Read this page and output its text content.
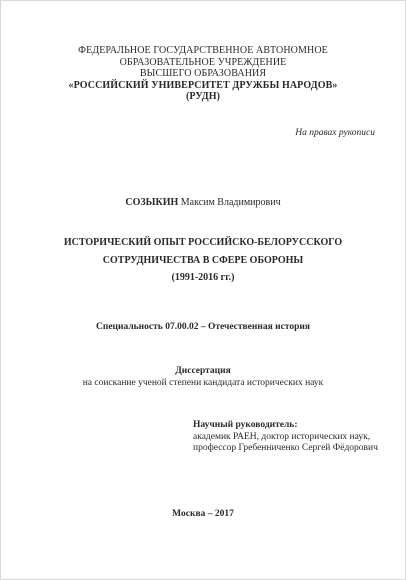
ФЕДЕРАЛЬНОЕ ГОСУДАРСТВЕННОЕ АВТОНОМНОЕ
ОБРАЗОВАТЕЛЬНОЕ УЧРЕЖДЕНИЕ
ВЫСШЕГО ОБРАЗОВАНИЯ
«РОССИЙСКИЙ УНИВЕРСИТЕТ ДРУЖБЫ НАРОДОВ»
(РУДН)
На правах рукописи
СОЗЫКИН Максим Владимирович
ИСТОРИЧЕСКИЙ ОПЫТ РОССИЙСКО-БЕЛОРУССКОГО
СОТРУДНИЧЕСТВА В СФЕРЕ ОБОРОНЫ
(1991-2016 гг.)
Специальность 07.00.02 – Отечественная история
Диссертация
на соискание ученой степени кандидата исторических наук
Научный руководитель:
академик РАЕН, доктор исторических наук,
профессор Гребенниченко Сергей Фёдорович
Москва – 2017
